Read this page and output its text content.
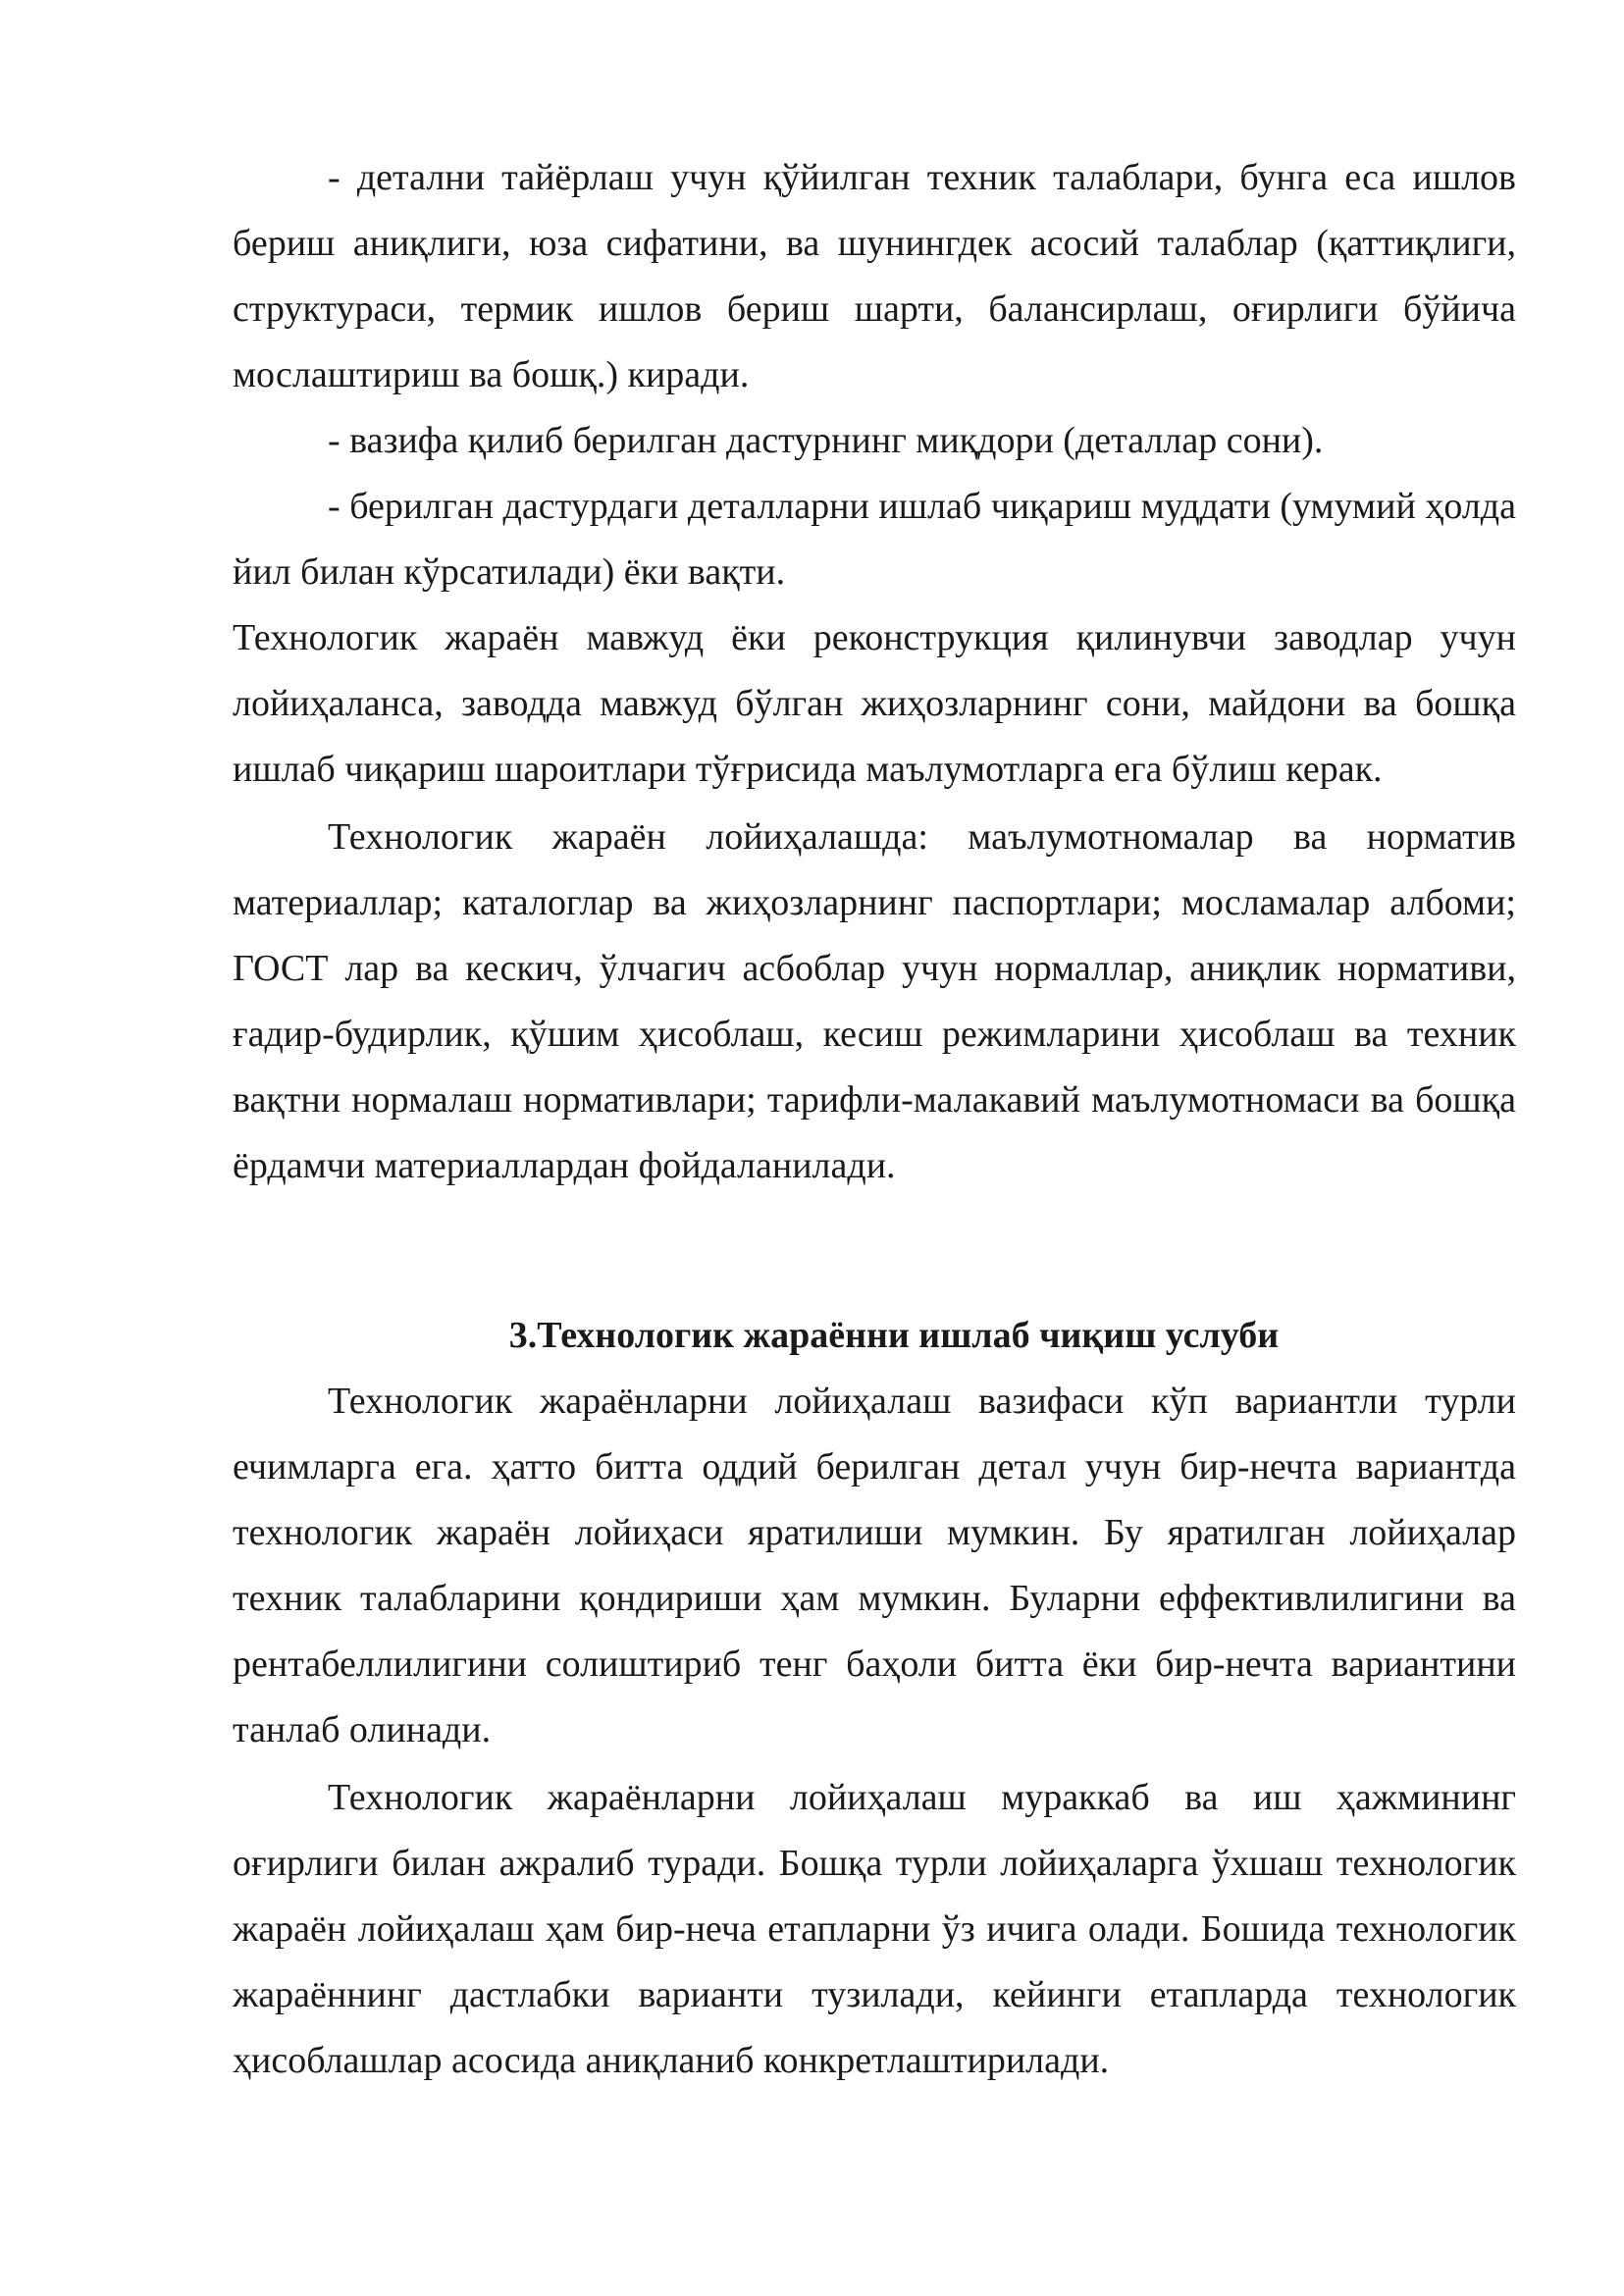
- детални тайёрлаш учун қўйилган техник талаблари, бунга еса ишлов бериш аниқлиги, юза сифатини, ва шунингдек асосий талаблар (қаттиқлиги, структураси, термик ишлов бериш шарти, балансирлаш, оғирлиги бўйича мослаштириш ва бошқ.) киради.

- вазифа қилиб берилган дастурнинг миқдори (деталлар сони).

- берилган дастурдаги деталларни ишлаб чиқариш муддати (умумий ҳолда йил билан кўрсатилади) ёки вақти.

Технологик жараён мавжуд ёки реконструкция қилинувчи заводлар учун лойиҳаланса, заводда мавжуд бўлган жиҳозларнинг сони, майдони ва бошқа ишлаб чиқариш шароитлари тўғрисида маълумотларга ега бўлиш керак.

Технологик жараён лойиҳалашда: маълумотномалар ва норматив материаллар; каталоглар ва жиҳозларнинг паспортлари; мосламалар албоми; ГОСТ лар ва кескич, ўлчагич асбоблар учун нормаллар, аниқлик нормативи, ғадир-будирлик, қўшим ҳисоблаш, кесиш режимларини ҳисоблаш ва техник вақтни нормалаш нормативлари; тарифли-малакавий маълумотномаси ва бошқа ёрдамчи материаллардан фойдаланилади.

3.Технологик жараённи ишлаб чиқиш услуби

Технологик жараёнларни лойиҳалаш вазифаси кўп вариантли турли ечимларга ега. ҳатто битта оддий берилган детал учун бир-нечта вариантда технологик жараён лойиҳаси яратилиши мумкин. Бу яратилган лойиҳалар техник талабларини қондириши ҳам мумкин. Буларни еффективлилигини ва рентабеллилигини солиштириб тенг баҳоли битта ёки бир-нечта вариантини танлаб олинади.

Технологик жараёнларни лойиҳалаш мураккаб ва иш ҳажмининг оғирлиги билан ажралиб туради. Бошқа турли лойиҳаларга ўхшаш технологик жараён лойиҳалаш ҳам бир-неча етапларни ўз ичига олади. Бошида технологик жараённинг дастлабки варианти тузилади, кейинги етапларда технологик ҳисоблашлар асосида аниқланиб конкретлаштирилади.
